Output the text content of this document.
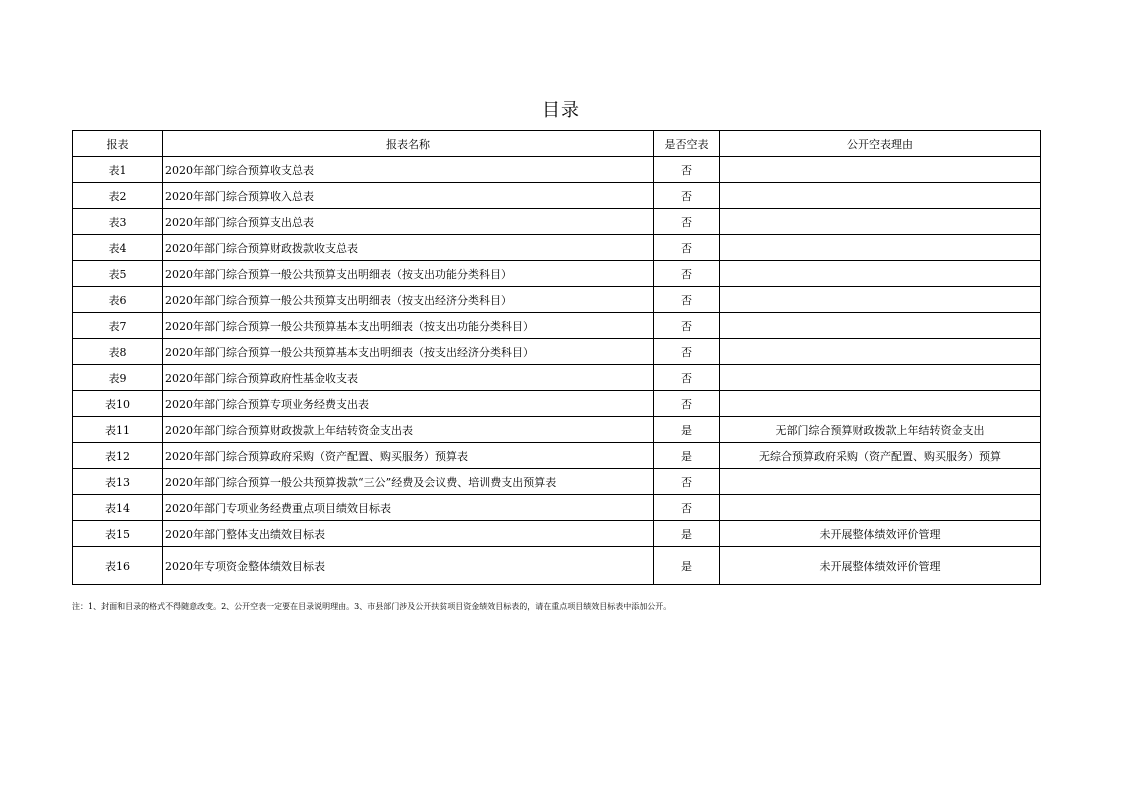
目录
报表	报表名称	是否空表	公开空表理由
表1	2020年部门综合预算收支总表	否	
表2	2020年部门综合预算收入总表	否	
表3	2020年部门综合预算支出总表	否	
表4	2020年部门综合预算财政拨款收支总表	否	
表5	2020年部门综合预算一般公共预算支出明细表（按支出功能分类科目）	否	
表6	2020年部门综合预算一般公共预算支出明细表（按支出经济分类科目）	否	
表7	2020年部门综合预算一般公共预算基本支出明细表（按支出功能分类科目）	否	
表8	2020年部门综合预算一般公共预算基本支出明细表（按支出经济分类科目）	否	
表9	2020年部门综合预算政府性基金收支表	否	
表10	2020年部门综合预算专项业务经费支出表	否	
表11	2020年部门综合预算财政拨款上年结转资金支出表	是	无部门综合预算财政拨款上年结转资金支出
表12	2020年部门综合预算政府采购（资产配置、购买服务）预算表	是	无综合预算政府采购（资产配置、购买服务）预算
表13	2020年部门综合预算一般公共预算拨款“三公”经费及会议费、培训费支出预算表	否	
表14	2020年部门专项业务经费重点项目绩效目标表	否	
表15	2020年部门整体支出绩效目标表	是	未开展整体绩效评价管理
表16	2020年专项资金整体绩效目标表	是	未开展整体绩效评价管理
注：1、封面和目录的格式不得随意改变。2、公开空表一定要在目录说明理由。3、市县部门涉及公开扶贫项目资金绩效目标表的，请在重点项目绩效目标表中添加公开。
